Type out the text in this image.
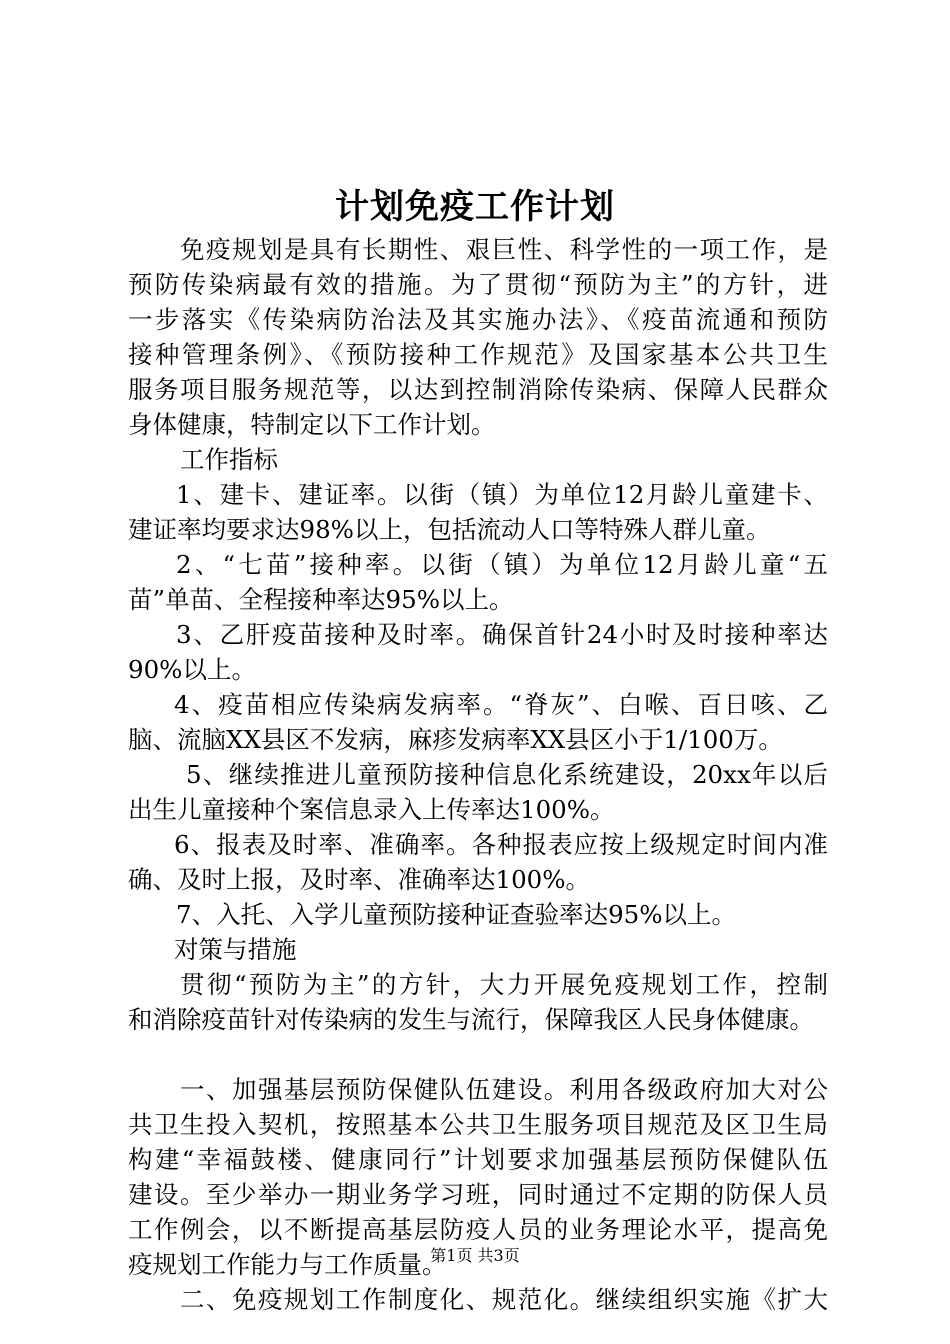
计划免疫工作计划
免疫规划是具有长期性、艰巨性、科学性的一项工作，是
预防传染病最有效的措施。为了贯彻“预防为主”的方针，进
一步落实《传染病防治法及其实施办法》、《疫苗流通和预防
接种管理条例》、《预防接种工作规范》及国家基本公共卫生
服务项目服务规范等，以达到控制消除传染病、保障人民群众
身体健康，特制定以下工作计划。
工作指标
1、建卡、建证率。以街（镇）为单位12月龄儿童建卡、
建证率均要求达98%以上，包括流动人口等特殊人群儿童。
2、“七苗”接种率。以街（镇）为单位12月龄儿童“五
苗”单苗、全程接种率达95%以上。
3、乙肝疫苗接种及时率。确保首针24小时及时接种率达
90%以上。
4、疫苗相应传染病发病率。“脊灰”、白喉、百日咳、乙
脑、流脑XX县区不发病，麻疹发病率XX县区小于1/100万。
5、继续推进儿童预防接种信息化系统建设，20xx年以后
出生儿童接种个案信息录入上传率达100%。
6、报表及时率、准确率。各种报表应按上级规定时间内准
确、及时上报，及时率、准确率达100%。
7、入托、入学儿童预防接种证查验率达95%以上。
对策与措施
贯彻“预防为主”的方针，大力开展免疫规划工作，控制
和消除疫苗针对传染病的发生与流行，保障我区人民身体健康。
一、加强基层预防保健队伍建设。利用各级政府加大对公
共卫生投入契机，按照基本公共卫生服务项目规范及区卫生局
构建“幸福鼓楼、健康同行”计划要求加强基层预防保健队伍
建设。至少举办一期业务学习班，同时通过不定期的防保人员
工作例会，以不断提高基层防疫人员的业务理论水平，提高免
疫规划工作能力与工作质量。
二、免疫规划工作制度化、规范化。继续组织实施《扩大
第1页 共3页
